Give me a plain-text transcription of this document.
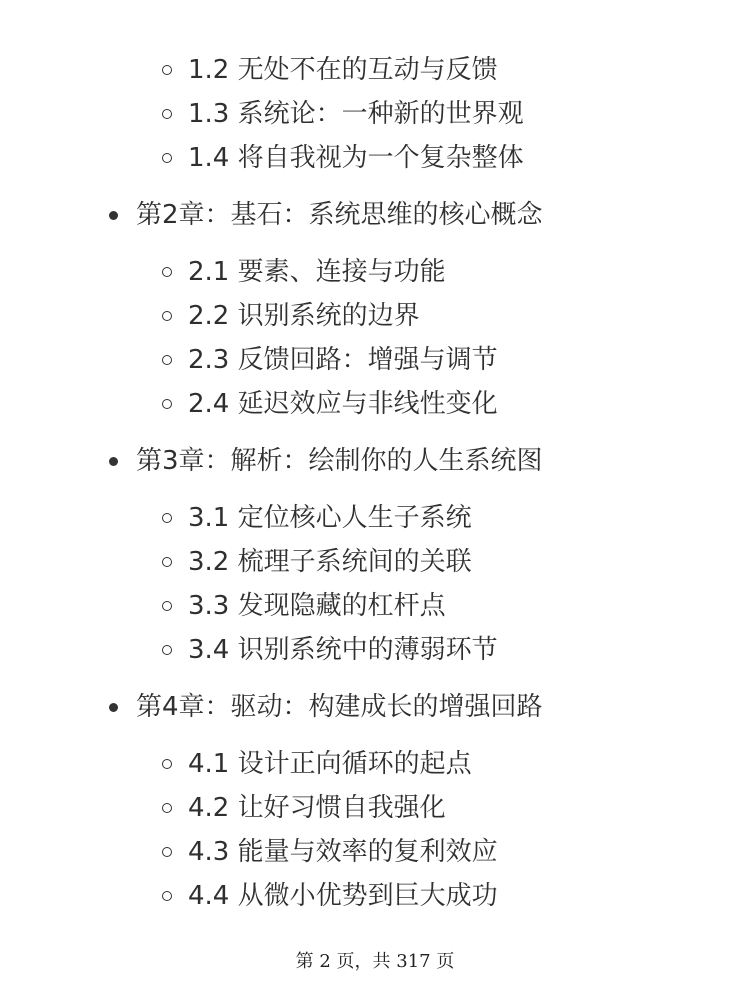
1.2 无处不在的互动与反馈
1.3 系统论：一种新的世界观
1.4 将自我视为一个复杂整体
第2章：基石：系统思维的核心概念
2.1 要素、连接与功能
2.2 识别系统的边界
2.3 反馈回路：增强与调节
2.4 延迟效应与非线性变化
第3章：解析：绘制你的人生系统图
3.1 定位核心人生子系统
3.2 梳理子系统间的关联
3.3 发现隐藏的杠杆点
3.4 识别系统中的薄弱环节
第4章：驱动：构建成长的增强回路
4.1 设计正向循环的起点
4.2 让好习惯自我强化
4.3 能量与效率的复利效应
4.4 从微小优势到巨大成功
第 2 页，共 317 页
